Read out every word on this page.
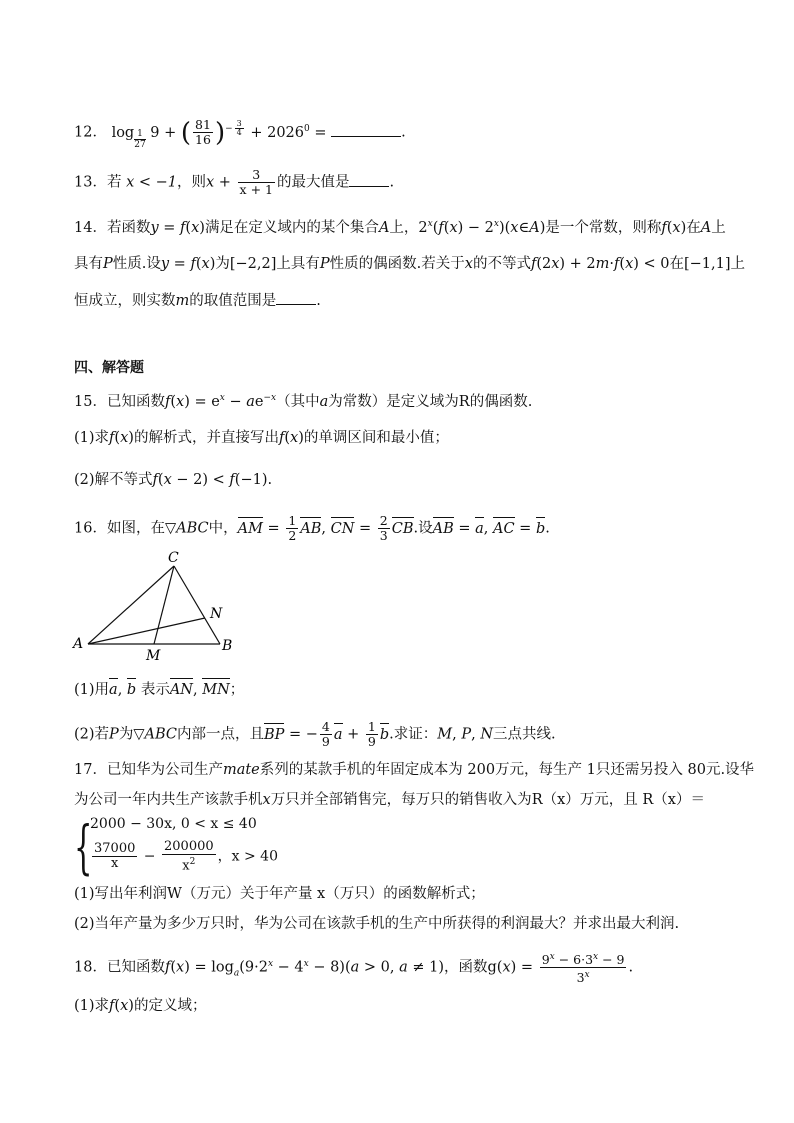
12． $\log \frac{1}{27} 9$ + ( $\frac{81}{16} )^{- \frac{3}{4}} + 2026^0$ =	.
13．若 x < −1，则$x + \frac{3}{x + 1}$ 的最大值是	.
14．若函数y = f(x)满足在定义域内的某个集合A上，$2^x(f(x)$ − $2^x)(x\in A)$是一个常数，则称f(x)在A上
具有P性质.设y = f(x)为[−2,2]上具有P性质的偶函数.若关于x的不等式f(2x) + 2m·f(x) < 0在[−1,1]上
恒成立，则实数m的取值范围是	.
四、解答题
15．已知函数$f(x) = e^x - ae^{-x}$（其中a为常数）是定义域为R的偶函数.
(1)求f(x)的解析式，并直接写出f(x)的单调区间和最小值；
(2)解不等式f(x − 2) < f(−1).
16．如图，在▽ABC中，AM = $\frac{1}{2}$ AB, CN = $\frac{2}{3}$ CB.设AB = a, AC = b.
C
A	B
M
N
(1)用a, b 表示AN, MN；
(2)若P为▽ABC内部一点，且BP = − $\frac{4}{9}$ $a + \frac{1}{9} b$.求证：M, P, N三点共线.
17．已知华为公司生产mate系列的某款手机的年固定成本为 200万元，每生产 1只还需另投入 80元.设华
为公司一年内共生产该款手机x万只并全部销售完，每万只的销售收入为R（x）万元，且 R（x）＝
{
2000 − 30x, 0 < x ≤ 40
$\frac{37000}{x} - \frac{200000}{x^2}$ ，x > 40
(1)写出年利润W（万元）关于年产量 x（万只）的函数解析式；
(2)当年产量为多少万只时，华为公司在该款手机的生产中所获得的利润最大？并求出最大利润.
18．已知函数$f(x) = \log_a(9\cdot 2^x - 4^x - 8)(a > 0$, a ≠ 1)，函数$g(x) = \frac{9^x - 6\cdot 3^x - 9}{3^x}$ .
(1)求f(x)的定义域；
